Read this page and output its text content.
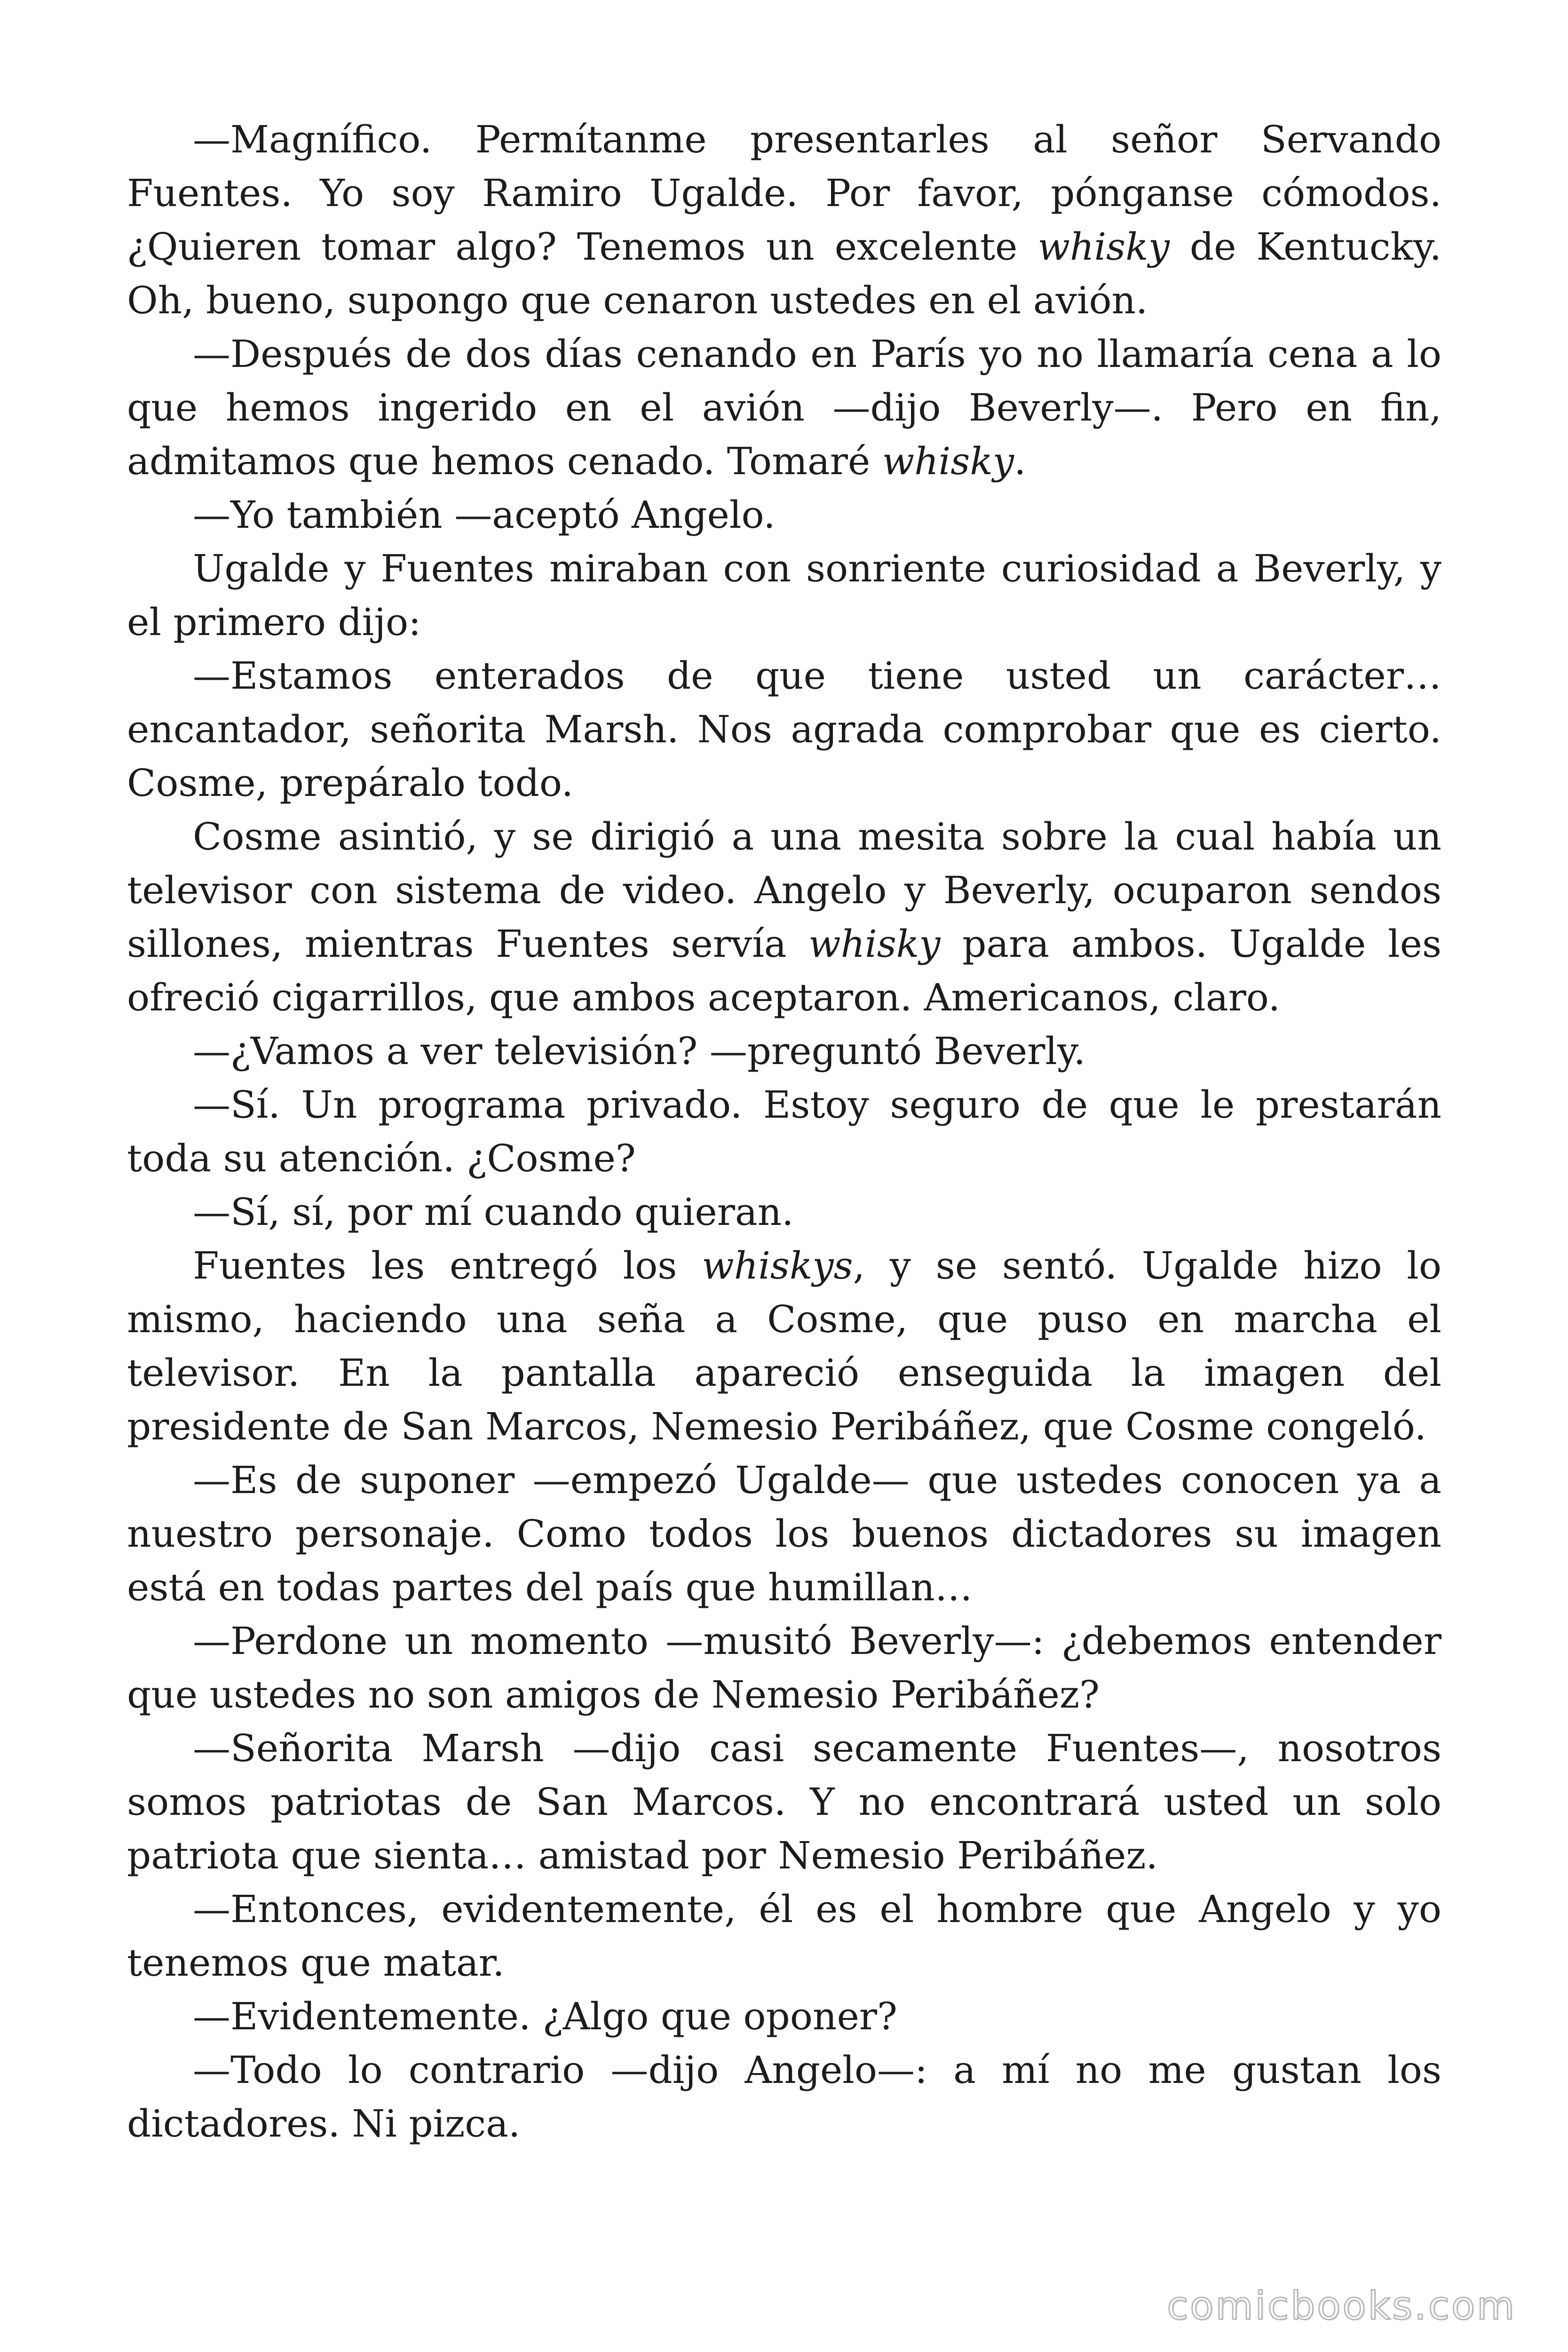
—Magnífico. Permítanme presentarles al señor Servando Fuentes. Yo soy Ramiro Ugalde. Por favor, pónganse cómodos. ¿Quieren tomar algo? Tenemos un excelente whisky de Kentucky. Oh, bueno, supongo que cenaron ustedes en el avión.

—Después de dos días cenando en París yo no llamaría cena a lo que hemos ingerido en el avión —dijo Beverly—. Pero en fin, admitamos que hemos cenado. Tomaré whisky.

—Yo también —aceptó Angelo.

Ugalde y Fuentes miraban con sonriente curiosidad a Beverly, y el primero dijo:

—Estamos enterados de que tiene usted un carácter… encantador, señorita Marsh. Nos agrada comprobar que es cierto. Cosme, prepáralo todo.

Cosme asintió, y se dirigió a una mesita sobre la cual había un televisor con sistema de video. Angelo y Beverly, ocuparon sendos sillones, mientras Fuentes servía whisky para ambos. Ugalde les ofreció cigarrillos, que ambos aceptaron. Americanos, claro.

—¿Vamos a ver televisión? —preguntó Beverly.

—Sí. Un programa privado. Estoy seguro de que le prestarán toda su atención. ¿Cosme?

—Sí, sí, por mí cuando quieran.

Fuentes les entregó los whiskys, y se sentó. Ugalde hizo lo mismo, haciendo una seña a Cosme, que puso en marcha el televisor. En la pantalla apareció enseguida la imagen del presidente de San Marcos, Nemesio Peribáñez, que Cosme congeló.

—Es de suponer —empezó Ugalde— que ustedes conocen ya a nuestro personaje. Como todos los buenos dictadores su imagen está en todas partes del país que humillan…

—Perdone un momento —musitó Beverly—: ¿debemos entender que ustedes no son amigos de Nemesio Peribáñez?

—Señorita Marsh —dijo casi secamente Fuentes—, nosotros somos patriotas de San Marcos. Y no encontrará usted un solo patriota que sienta… amistad por Nemesio Peribáñez.

—Entonces, evidentemente, él es el hombre que Angelo y yo tenemos que matar.

—Evidentemente. ¿Algo que oponer?

—Todo lo contrario —dijo Angelo—: a mí no me gustan los dictadores. Ni pizca.

comicbooks.com
